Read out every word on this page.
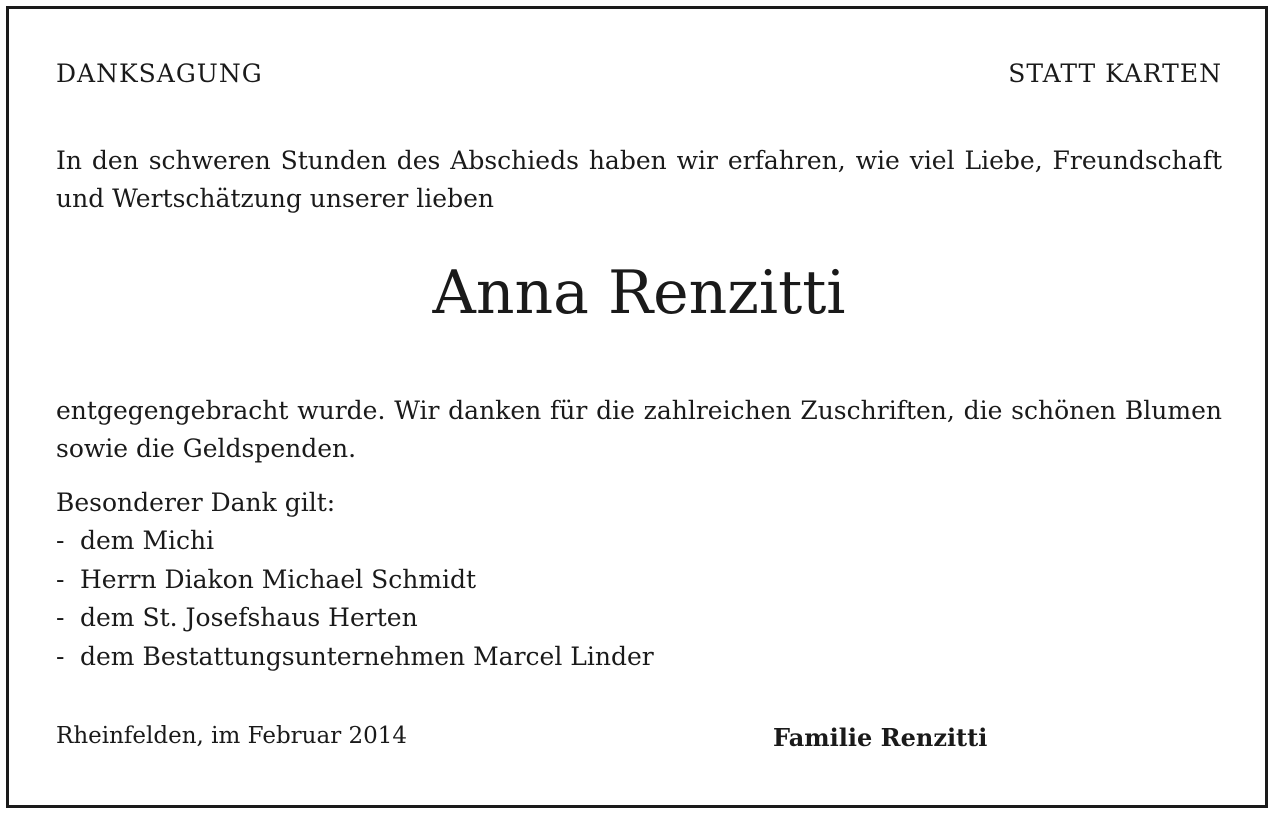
DANKSAGUNG	STATT KARTEN

In den schweren Stunden des Abschieds haben wir erfahren, wie viel Liebe, Freundschaft und Wertschätzung unserer lieben

Anna Renzitti

entgegengebracht wurde. Wir danken für die zahlreichen Zuschriften, die schönen Blumen sowie die Geldspenden.

Besonderer Dank gilt:
- dem Michi
- Herrn Diakon Michael Schmidt
- dem St. Josefshaus Herten
- dem Bestattungsunternehmen Marcel Linder
Rheinfelden, im Februar 2014	Familie Renzitti
